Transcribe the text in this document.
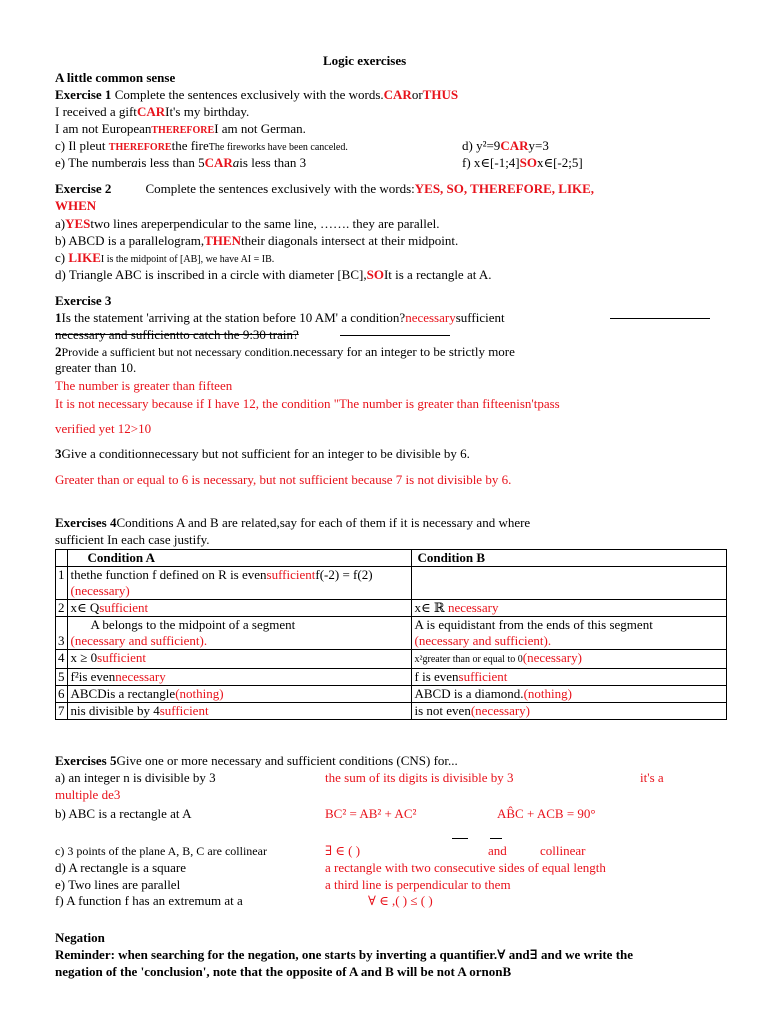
Logic exercises
A little common sense
Exercise 1 Complete the sentences exclusively with the words.CARorTHUS
I received a giftCARIt's my birthday.
I am not EuropeanTHEREFOREI am not German.
c) Il pleut THEREFOREthe fireThe fireworks have been canceled.	d) y²=9CARy=3
e) The numberais less than 5CARais less than 3	f) x∈[-1;4]SOx∈[-2;5]
Exercise 2	Complete the sentences exclusively with the words:YES, SO, THEREFORE, LIKE,
WHEN
a)YEStwo lines areperpendicular to the same line, ……. they are parallel.
b) ABCD is a parallelogram,THENtheir diagonals intersect at their midpoint.
c) LIKEI is the midpoint of [AB], we have AI = IB.
d) Triangle ABC is inscribed in a circle with diameter [BC],SOIt is a rectangle at A.
Exercise 3
1Is the statement 'arriving at the station before 10 AM' a condition?necessarysufficient
necessary and sufficientto catch the 9:30 train?
2Provide a sufficient but not necessary condition.necessary for an integer to be strictly more
greater than 10.
The number is greater than fifteen
It is not necessary because if I have 12, the condition "The number is greater than fifteenisn'tpass
verified yet 12>10
3Give a conditionnecessary but not sufficient for an integer to be divisible by 6.
Greater than or equal to 6 is necessary, but not sufficient because 7 is not divisible by 6.
Exercises 4Conditions A and B are related,say for each of them if it is necessary and where
sufficient In each case justify.
	Condition A	Condition B
1	thethe function f defined on R is evensufficientf(-2) = f(2)(necessary)	
2	x∈ Qsufficient	x∈ ℝ necessary
3	A belongs to the midpoint of a segment
(necessary and sufficient).	A is equidistant from the ends of this segment
(necessary and sufficient).
4	x ≥ 0sufficient	x²greater than or equal to 0(necessary)
5	f²is evennecessary	f is evensufficient
6	ABCDis a rectangle(nothing)	ABCD is a diamond.(nothing)
7	nis divisible by 4sufficient	is not even(necessary)
Exercises 5Give one or more necessary and sufficient conditions (CNS) for...
a) an integer n is divisible by 3	the sum of its digits is divisible by 3	it's a
multiple de3
b) ABC is a rectangle at A	BC² = AB² + AC²	AB̂C + ACB = 90°
c) 3 points of the plane A, B, C are collinear	∃ ∈ ( )	and	collinear
d) A rectangle is a square	a rectangle with two consecutive sides of equal length
e) Two lines are parallel	a third line is perpendicular to them
f) A function f has an extremum at a	∀ ∈ ,( ) ≤ ( )
Negation
Reminder: when searching for the negation, one starts by inverting a quantifier.∀ and∃ and we write the
negation of the 'conclusion', note that the opposite of A and B will be not A ornonB
